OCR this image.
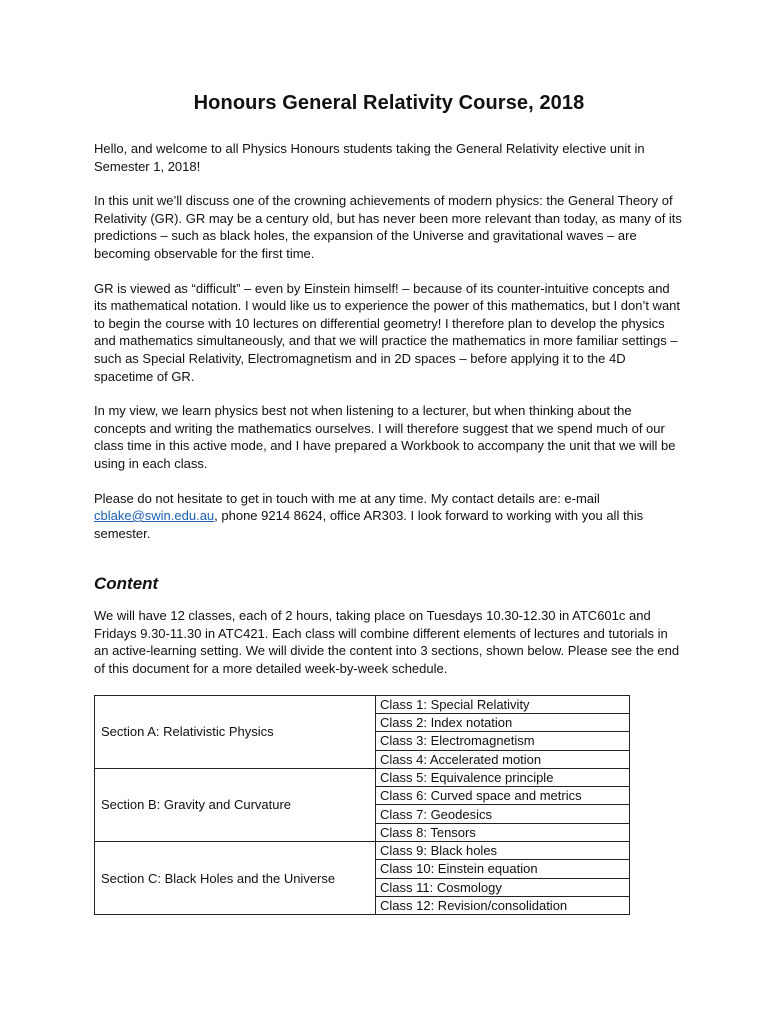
Honours General Relativity Course, 2018

Hello, and welcome to all Physics Honours students taking the General Relativity elective unit in Semester 1, 2018!

In this unit we’ll discuss one of the crowning achievements of modern physics: the General Theory of Relativity (GR). GR may be a century old, but has never been more relevant than today, as many of its predictions – such as black holes, the expansion of the Universe and gravitational waves – are becoming observable for the first time.

GR is viewed as “difficult” – even by Einstein himself! – because of its counter-intuitive concepts and its mathematical notation. I would like us to experience the power of this mathematics, but I don’t want to begin the course with 10 lectures on differential geometry! I therefore plan to develop the physics and mathematics simultaneously, and that we will practice the mathematics in more familiar settings – such as Special Relativity, Electromagnetism and in 2D spaces – before applying it to the 4D spacetime of GR.

In my view, we learn physics best not when listening to a lecturer, but when thinking about the concepts and writing the mathematics ourselves. I will therefore suggest that we spend much of our class time in this active mode, and I have prepared a Workbook to accompany the unit that we will be using in each class.

Please do not hesitate to get in touch with me at any time. My contact details are: e-mail cblake@swin.edu.au, phone 9214 8624, office AR303. I look forward to working with you all this semester.

Content

We will have 12 classes, each of 2 hours, taking place on Tuesdays 10.30-12.30 in ATC601c and Fridays 9.30-11.30 in ATC421. Each class will combine different elements of lectures and tutorials in an active-learning setting. We will divide the content into 3 sections, shown below. Please see the end of this document for a more detailed week-by-week schedule.

Section A: Relativistic Physics	Class 1: Special Relativity
	Class 2: Index notation
	Class 3: Electromagnetism
	Class 4: Accelerated motion
Section B: Gravity and Curvature	Class 5: Equivalence principle
	Class 6: Curved space and metrics
	Class 7: Geodesics
	Class 8: Tensors
Section C: Black Holes and the Universe	Class 9: Black holes
	Class 10: Einstein equation
	Class 11: Cosmology
	Class 12: Revision/consolidation
